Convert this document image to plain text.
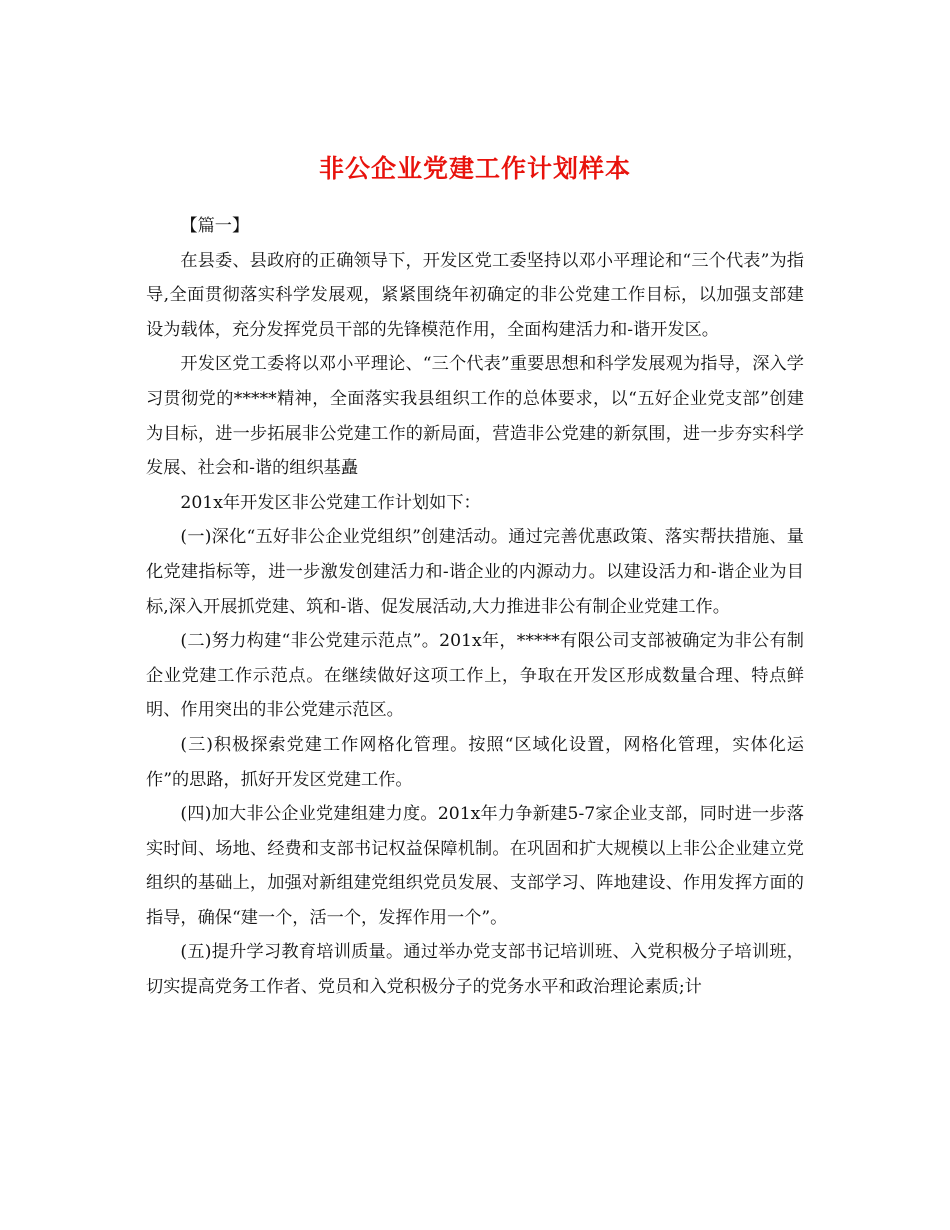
非公企业党建工作计划样本

【篇一】

在县委、县政府的正确领导下，开发区党工委坚持以邓小平理论和“三个代表”为指导,全面贯彻落实科学发展观，紧紧围绕年初确定的非公党建工作目标，以加强支部建设为载体，充分发挥党员干部的先锋模范作用，全面构建活力和-谐开发区。

开发区党工委将以邓小平理论、“三个代表”重要思想和科学发展观为指导，深入学习贯彻党的*****精神，全面落实我县组织工作的总体要求，以“五好企业党支部”创建为目标，进一步拓展非公党建工作的新局面，营造非公党建的新氛围，进一步夯实科学发展、社会和-谐的组织基矗

201x年开发区非公党建工作计划如下：

(一)深化“五好非公企业党组织”创建活动。通过完善优惠政策、落实帮扶措施、量化党建指标等，进一步激发创建活力和-谐企业的内源动力。以建设活力和-谐企业为目标,深入开展抓党建、筑和-谐、促发展活动,大力推进非公有制企业党建工作。

(二)努力构建“非公党建示范点”。201x年，*****有限公司支部被确定为非公有制企业党建工作示范点。在继续做好这项工作上，争取在开发区形成数量合理、特点鲜明、作用突出的非公党建示范区。

(三)积极探索党建工作网格化管理。按照“区域化设置，网格化管理，实体化运作”的思路，抓好开发区党建工作。

(四)加大非公企业党建组建力度。201x年力争新建5-7家企业支部，同时进一步落实时间、场地、经费和支部书记权益保障机制。在巩固和扩大规模以上非公企业建立党组织的基础上，加强对新组建党组织党员发展、支部学习、阵地建设、作用发挥方面的指导，确保“建一个，活一个，发挥作用一个”。

(五)提升学习教育培训质量。通过举办党支部书记培训班、入党积极分子培训班，切实提高党务工作者、党员和入党积极分子的党务水平和政治理论素质;计
